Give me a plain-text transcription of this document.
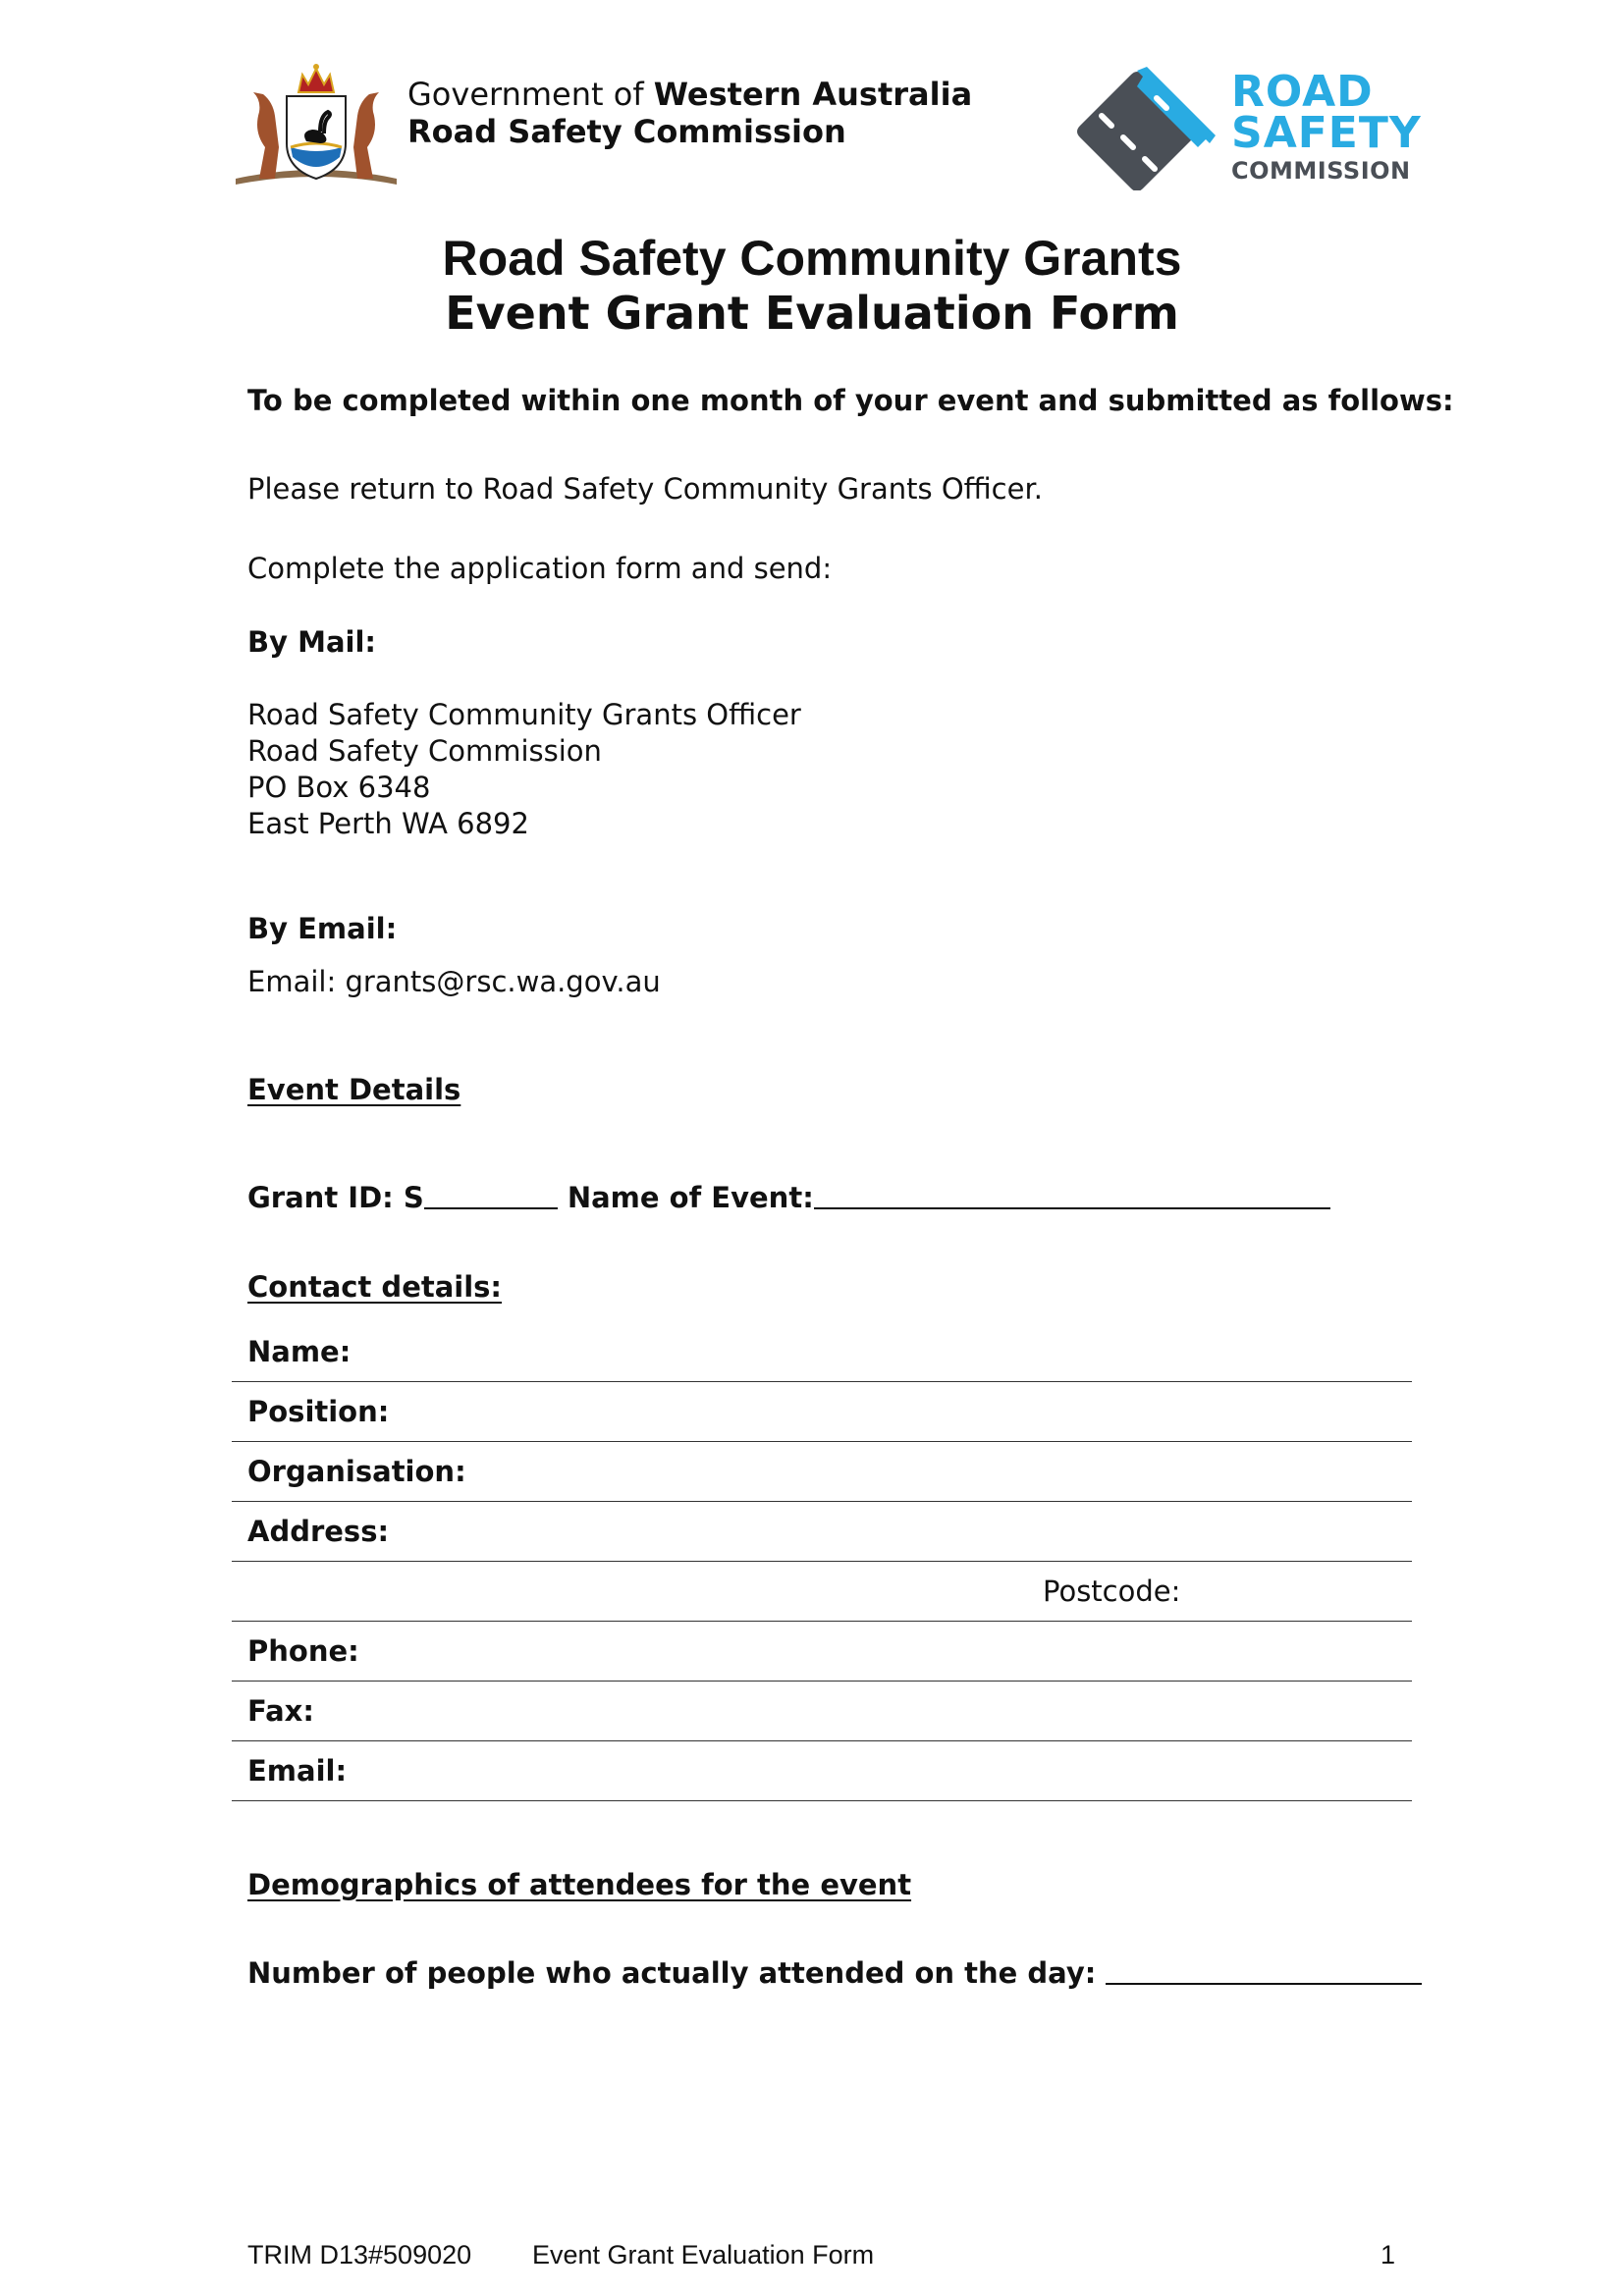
Government of Western Australia
Road Safety Commission
ROAD
SAFETY
COMMISSION
Road Safety Community Grants
Event Grant Evaluation Form
To be completed within one month of your event and submitted as follows:
Please return to Road Safety Community Grants Officer.
Complete the application form and send:
By Mail:
Road Safety Community Grants Officer
Road Safety Commission
PO Box 6348
East Perth WA 6892
By Email:
Email: grants@rsc.wa.gov.au
Event Details
Grant ID: S	Name of Event:
Contact details:
Name:
Position:
Organisation:
Address:
Postcode:
Phone:
Fax:
Email:
Demographics of attendees for the event
Number of people who actually attended on the day:
TRIM D13#509020 Event Grant Evaluation Form	1
